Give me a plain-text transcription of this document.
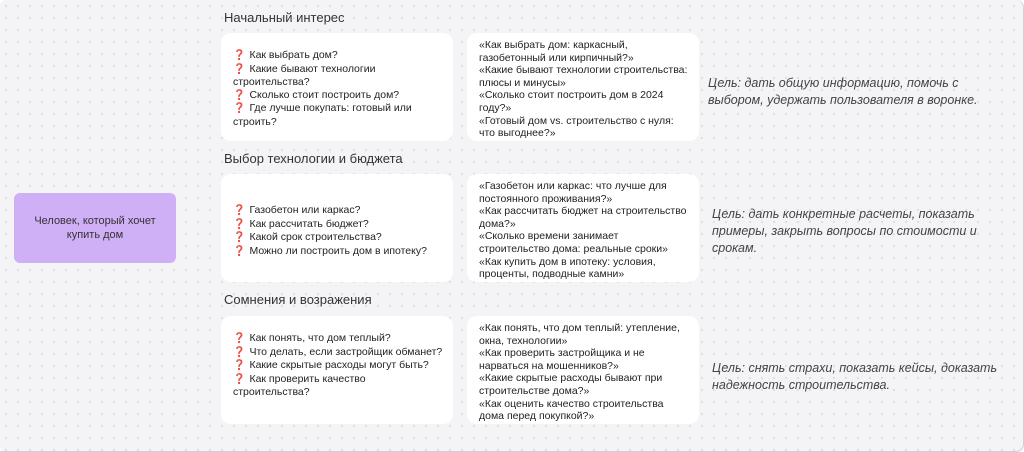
Человек, который хочет купить дом
Начальный интерес
❓ Как выбрать дом?
❓ Какие бывают технологии строительства?
❓ Сколько стоит построить дом?
❓ Где лучше покупать: готовый или строить?
«Как выбрать дом: каркасный, газобетонный или кирпичный?»
«Какие бывают технологии строительства: плюсы и минусы»
«Сколько стоит построить дом в 2024 году?»
«Готовый дом vs. строительство с нуля: что выгоднее?»
Цель: дать общую информацию, помочь с выбором, удержать пользователя в воронке.
Выбор технологии и бюджета
❓ Газобетон или каркас?
❓ Как рассчитать бюджет?
❓ Какой срок строительства?
❓ Можно ли построить дом в ипотеку?
«Газобетон или каркас: что лучше для постоянного проживания?»
«Как рассчитать бюджет на строительство дома?»
«Сколько времени занимает строительство дома: реальные сроки»
«Как купить дом в ипотеку: условия, проценты, подводные камни»
Цель: дать конкретные расчеты, показать примеры, закрыть вопросы по стоимости и срокам.
Сомнения и возражения
❓ Как понять, что дом теплый?
❓ Что делать, если застройщик обманет?
❓ Какие скрытые расходы могут быть?
❓ Как проверить качество строительства?
«Как понять, что дом теплый: утепление, окна, технологии»
«Как проверить застройщика и не нарваться на мошенников?»
«Какие скрытые расходы бывают при строительстве дома?»
«Как оценить качество строительства дома перед покупкой?»
Цель: снять страхи, показать кейсы, доказать надежность строительства.
